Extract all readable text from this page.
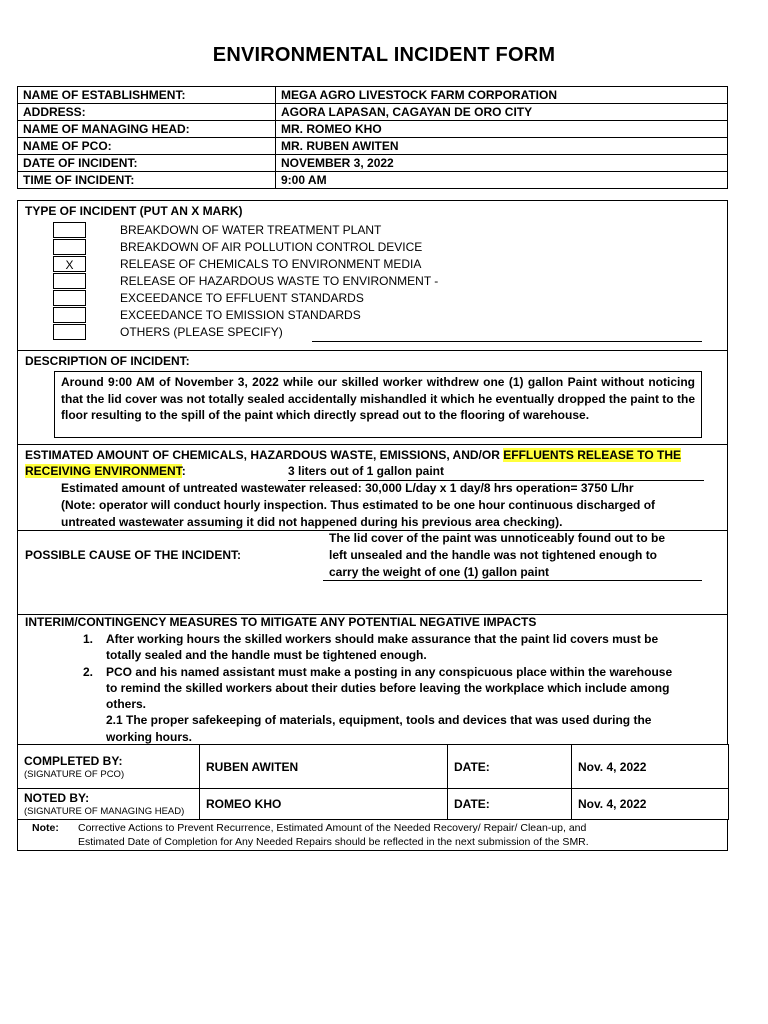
ENVIRONMENTAL INCIDENT FORM
NAME OF ESTABLISHMENT:	MEGA AGRO LIVESTOCK FARM CORPORATION
ADDRESS:	AGORA LAPASAN, CAGAYAN DE ORO CITY
NAME OF MANAGING HEAD:	MR. ROMEO KHO
NAME OF PCO:	MR. RUBEN AWITEN
DATE OF INCIDENT:	NOVEMBER 3, 2022
TIME OF INCIDENT:	9:00 AM
TYPE OF INCIDENT (PUT AN X MARK)
BREAKDOWN OF WATER TREATMENT PLANT
BREAKDOWN OF AIR POLLUTION CONTROL DEVICE
X	RELEASE OF CHEMICALS TO ENVIRONMENT MEDIA
RELEASE OF HAZARDOUS WASTE TO ENVIRONMENT -
EXCEEDANCE TO EFFLUENT STANDARDS
EXCEEDANCE TO EMISSION STANDARDS
OTHERS (PLEASE SPECIFY)
DESCRIPTION OF INCIDENT:
Around 9:00 AM of November 3, 2022 while our skilled worker withdrew one (1) gallon Paint without noticing that the lid cover was not totally sealed accidentally mishandled it which he eventually dropped the paint to the floor resulting to the spill of the paint which directly spread out to the flooring of warehouse.
ESTIMATED AMOUNT OF CHEMICALS, HAZARDOUS WASTE, EMISSIONS, AND/OR EFFLUENTS RELEASE TO THE
RECEIVING ENVIRONMENT:	3 liters out of 1 gallon paint
Estimated amount of untreated wastewater released: 30,000 L/day x 1 day/8 hrs operation= 3750 L/hr
(Note: operator will conduct hourly inspection. Thus estimated to be one hour continuous discharged of
untreated wastewater assuming it did not happened during his previous area checking).
POSSIBLE CAUSE OF THE INCIDENT:
The lid cover of the paint was unnoticeably found out to be
left unsealed and the handle was not tightened enough to
carry the weight of one (1) gallon paint
INTERIM/CONTINGENCY MEASURES TO MITIGATE ANY POTENTIAL NEGATIVE IMPACTS
1. After working hours the skilled workers should make assurance that the paint lid covers must be
totally sealed and the handle must be tightened enough.
2. PCO and his named assistant must make a posting in any conspicuous place within the warehouse
to remind the skilled workers about their duties before leaving the workplace which include among
others.
2.1 The proper safekeeping of materials, equipment, tools and devices that was used during the
working hours.
COMPLETED BY:
(SIGNATURE OF PCO)	RUBEN AWITEN	DATE:	Nov. 4, 2022
NOTED BY:
(SIGNATURE OF MANAGING HEAD)	ROMEO KHO	DATE:	Nov. 4, 2022
Note: Corrective Actions to Prevent Recurrence, Estimated Amount of the Needed Recovery/ Repair/ Clean-up, and
Estimated Date of Completion for Any Needed Repairs should be reflected in the next submission of the SMR.
